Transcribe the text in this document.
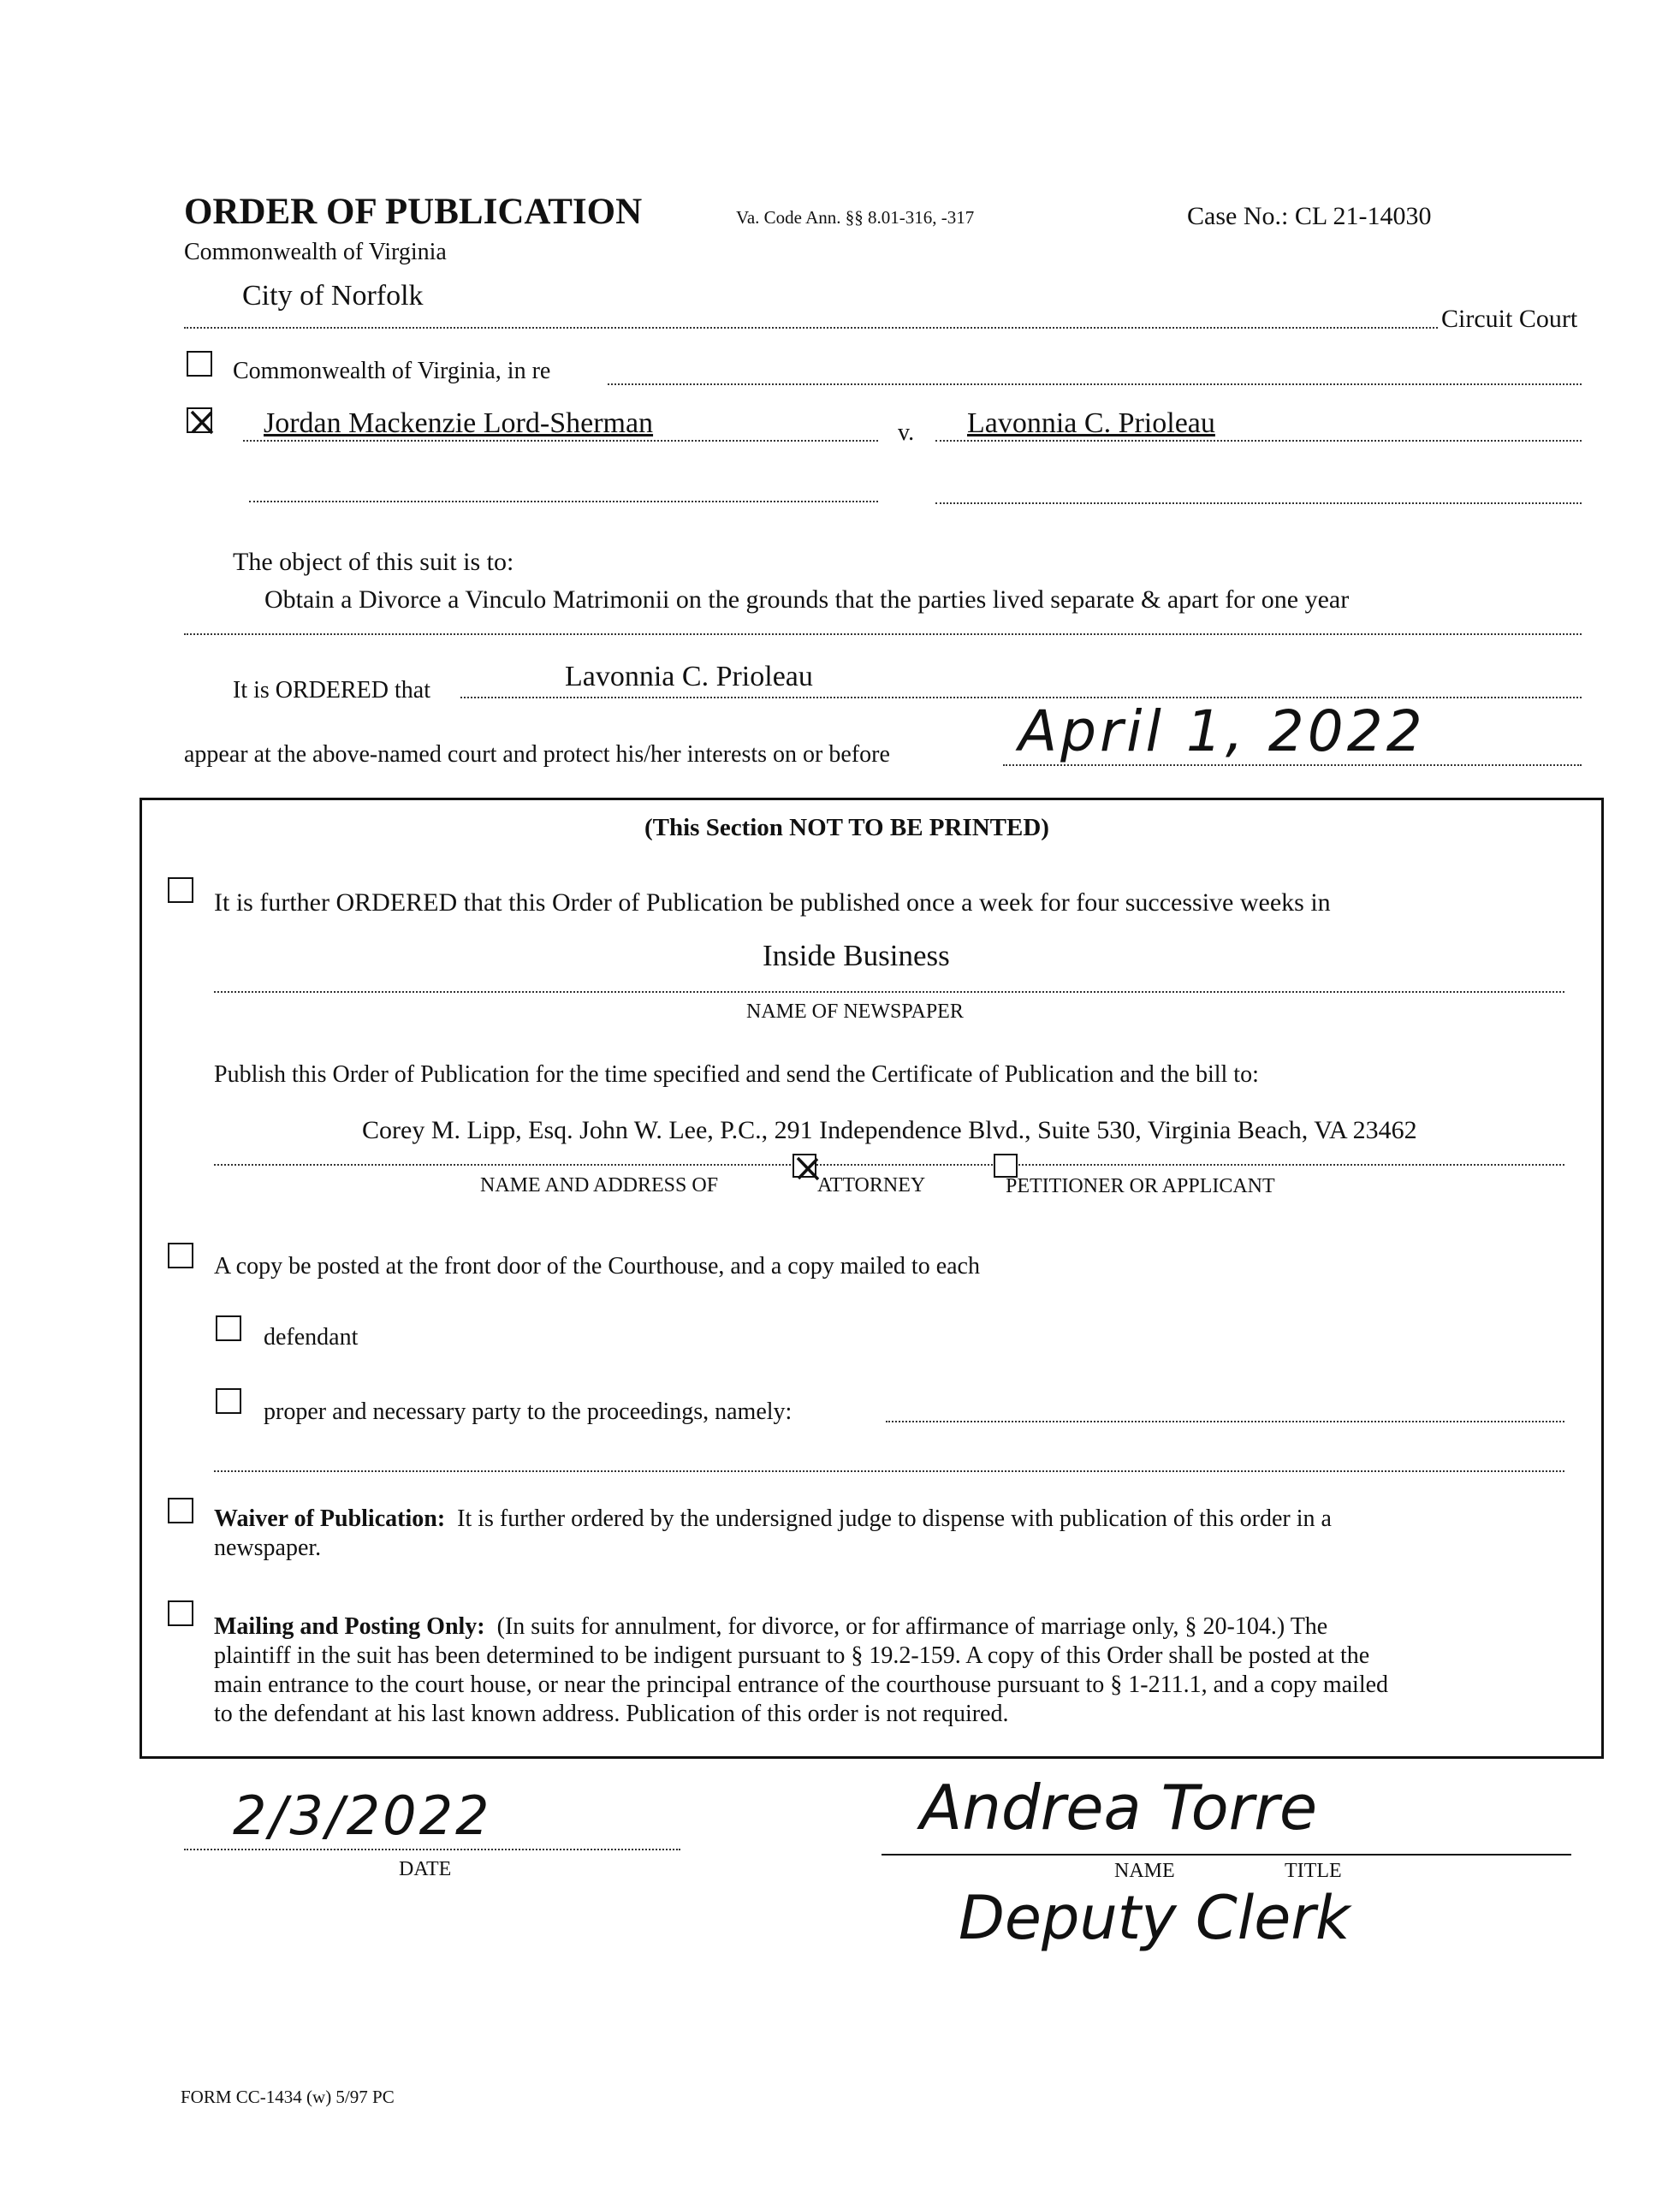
ORDER OF PUBLICATION	Va. Code Ann. §§ 8.01-316, -317	Case No.: CL 21-14030
Commonwealth of Virginia
City of Norfolk
Circuit Court
Commonwealth of Virginia, in re
Jordan Mackenzie Lord-Sherman	v. Lavonnia C. Prioleau
The object of this suit is to:
Obtain a Divorce a Vinculo Matrimonii on the grounds that the parties lived separate & apart for one year
It is ORDERED that	Lavonnia C. Prioleau
appear at the above-named court and protect his/her interests on or before April 1, 2022
(This Section NOT TO BE PRINTED)
It is further ORDERED that this Order of Publication be published once a week for four successive weeks in
Inside Business
NAME OF NEWSPAPER
Publish this Order of Publication for the time specified and send the Certificate of Publication and the bill to:
Corey M. Lipp, Esq. John W. Lee, P.C., 291 Independence Blvd., Suite 530, Virginia Beach, VA 23462
NAME AND ADDRESS OF	ATTORNEY	PETITIONER OR APPLICANT
A copy be posted at the front door of the Courthouse, and a copy mailed to each
defendant
proper and necessary party to the proceedings, namely:
Waiver of Publication: It is further ordered by the undersigned judge to dispense with publication of this order in a
newspaper.
Mailing and Posting Only: (In suits for annulment, for divorce, or for affirmance of marriage only, § 20-104.) The
plaintiff in the suit has been determined to be indigent pursuant to § 19.2-159. A copy of this Order shall be posted at the
main entrance to the court house, or near the principal entrance of the courthouse pursuant to § 1-211.1, and a copy mailed
to the defendant at his last known address. Publication of this order is not required.
2/3/2022
DATE
Andrea Torre
NAME	TITLE
Deputy Clerk
FORM CC-1434 (w) 5/97 PC
